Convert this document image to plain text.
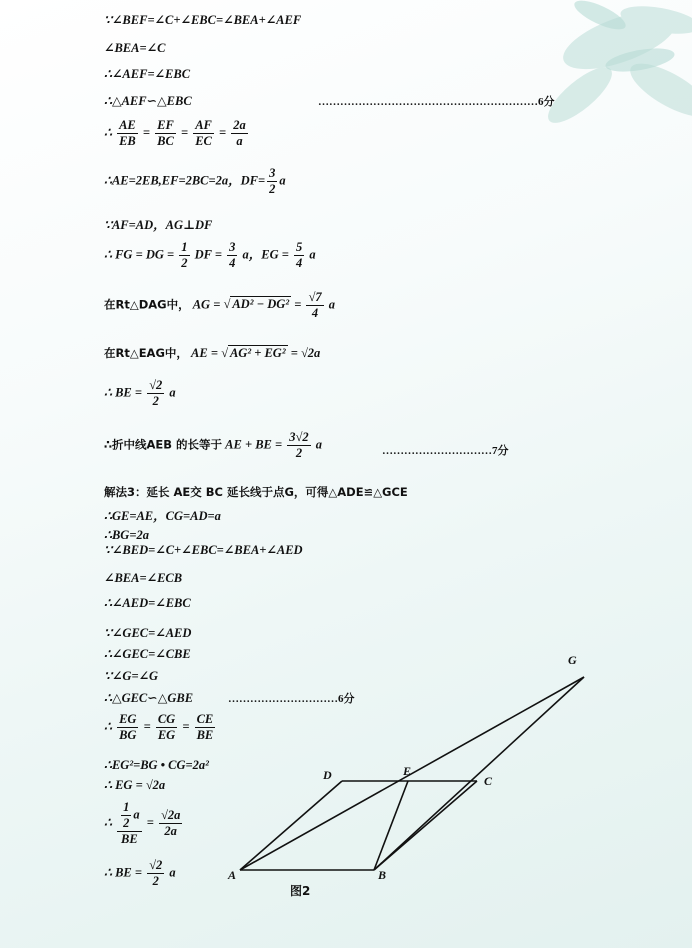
∵∠BEF=∠C+∠EBC=∠BEA+∠AEF
∠BEA=∠C
∴∠AEF=∠EBC
∴△AEF∽△EBC	……………………………………………………6分
∴ $\frac{AE}{EB} = \frac{EF}{BC} = \frac{AF}{EC} = \frac{2a}{a}$
∴AE=2EB,EF=2BC=2a，$DF= \frac{3}{2}$ a
∵AF=AD，AG⊥DF
∴ FG = DG = $\frac{1}{2}$ DF = $\frac{3}{4}$ a，EG = $\frac{5}{4}$ a
在Rt△DAG中， AG = √ $AD^2 - DG^2 = \frac{√7}{4}$ a
在Rt△EAG中， AE = √ AG² + EG² = √2a
∴ BE = $\frac{√2}{2}$ a
∴折中线AEB 的长等于 AE + BE = $\frac{3√2}{2}$ a	…………………………7分
解法3：延长 AE交 BC 延长线于点G，可得△ADE≌△GCE
∴GE=AE，CG=AD=a
∴BG=2a
∵∠BED=∠C+∠EBC=∠BEA+∠AED
∠BEA=∠ECB
∴∠AED=∠EBC
∵∠GEC=∠AED
∴∠GEC=∠CBE
∵∠G=∠G
∴△GEC∽△GBE	…………………………6分
∴ $\frac{EG}{BG} = \frac{CG}{EG} = \frac{CE}{BE}$
∴EG²=BG • CG=2a²
∴ EG = √2a
∴ $\frac{\frac{1}{2} a}{BE} = \frac{√2a}{2a}$
∴ BE = $\frac{√2}{2}$ a	A	B
C
D	E
G
图2
